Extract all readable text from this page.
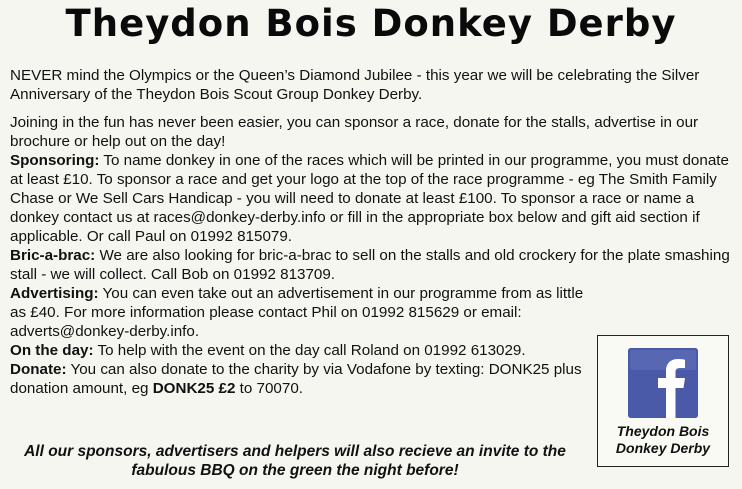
Theydon Bois Donkey Derby
NEVER mind the Olympics or the Queen’s Diamond Jubilee - this year we will be celebrating the Silver Anniversary of the Theydon Bois Scout Group Donkey Derby.

Joining in the fun has never been easier, you can sponsor a race, donate for the stalls, advertise in our brochure or help out on the day!

Sponsoring: To name donkey in one of the races which will be printed in our programme, you must donate at least £10. To sponsor a race and get your logo at the top of the race programme - eg The Smith Family Chase or We Sell Cars Handicap - you will need to donate at least £100. To sponsor a race or name a donkey contact us at races@donkey-derby.info or fill in the appropriate box below and gift aid section if applicable. Or call Paul on 01992 815079.

Bric-a-brac: We are also looking for bric-a-brac to sell on the stalls and old crockery for the plate smashing stall - we will collect. Call Bob on 01992 813709.

Advertising: You can even take out an advertisement in our programme from as little as £40. For more information please contact Phil on 01992 815629 or email: adverts@donkey-derby.info.

On the day: To help with the event on the day call Roland on 01992 613029. Donate: You can also donate to the charity by via Vodafone by texting: DONK25 plus donation amount, eg DONK25 £2 to 70070.

All our sponsors, advertisers and helpers will also recieve an invite to the fabulous BBQ on the green the night before!
Theydon Bois
Donkey Derby
